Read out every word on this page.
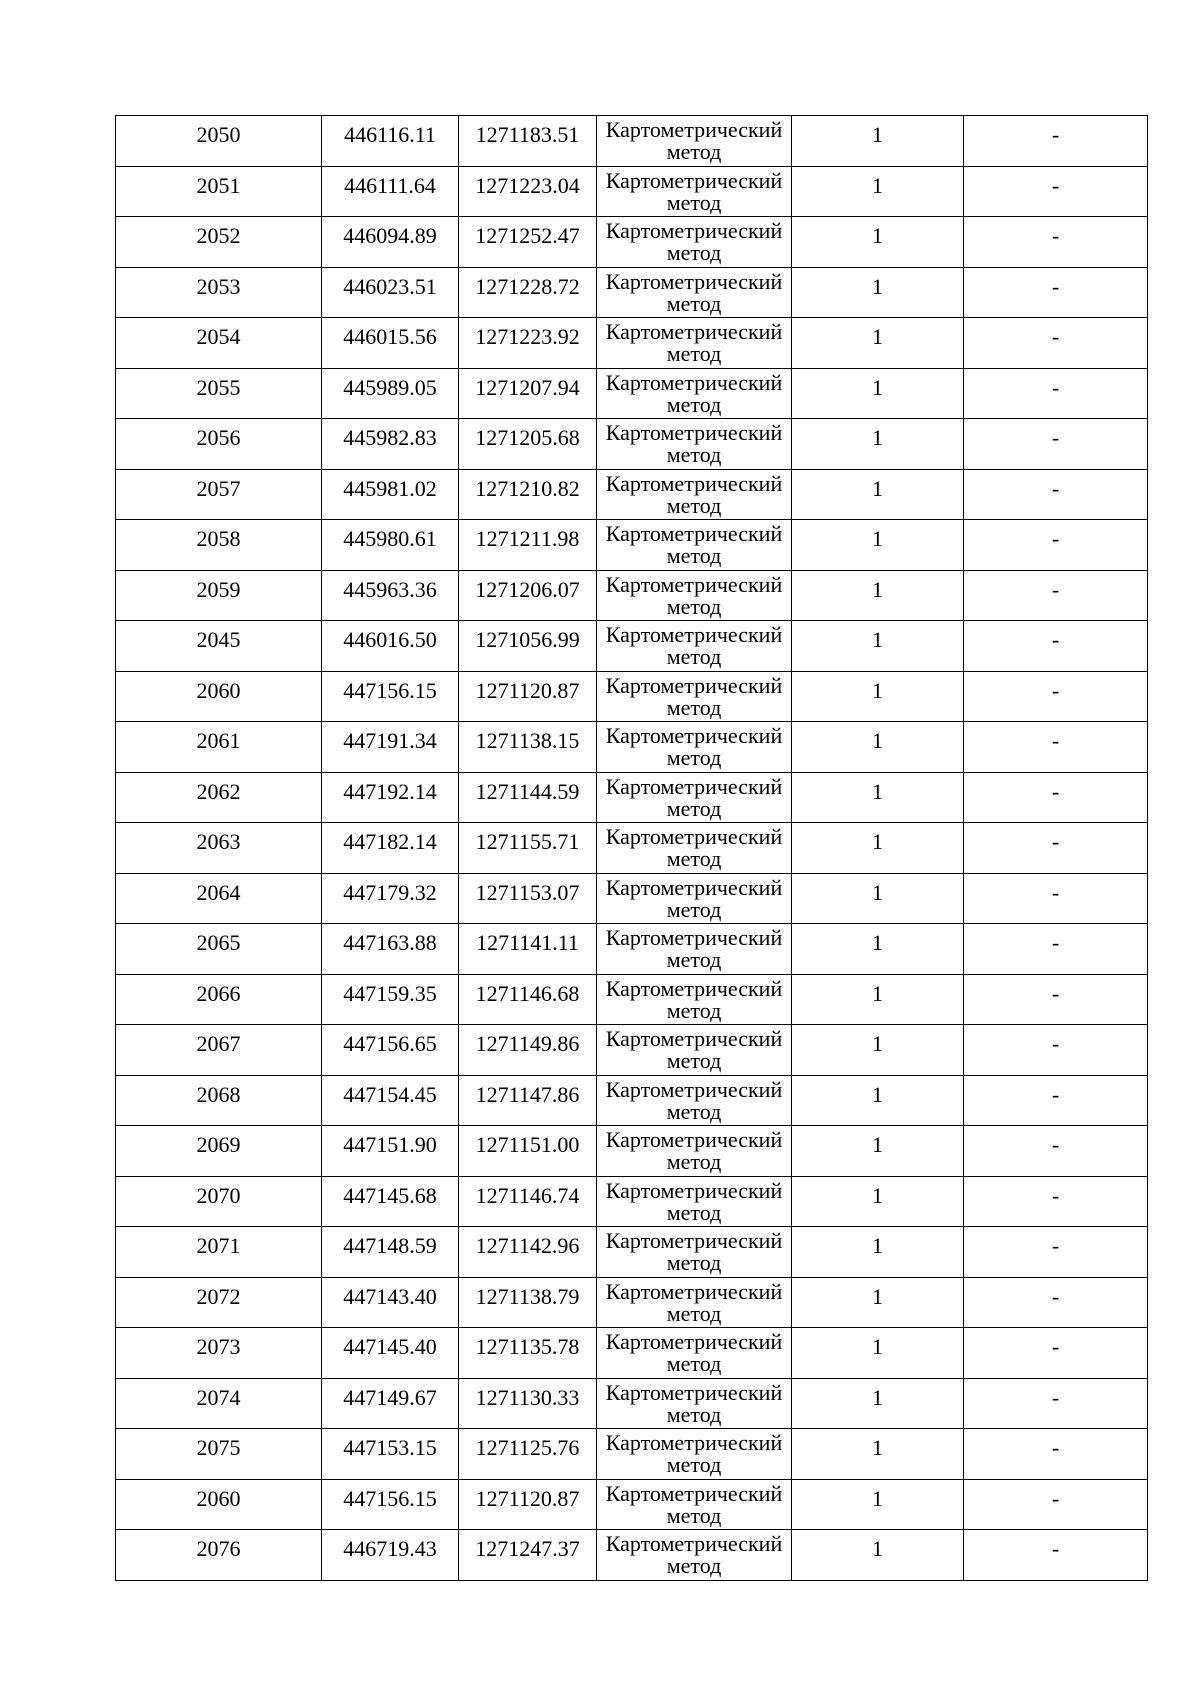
2050	446116.11	1271183.51	Картометрический
метод	1	-

2051	446111.64	1271223.04	Картометрический
метод	1	-

2052	446094.89	1271252.47	Картометрический
метод	1	-

2053	446023.51	1271228.72	Картометрический
метод	1	-

2054	446015.56	1271223.92	Картометрический
метод	1	-

2055	445989.05	1271207.94	Картометрический
метод	1	-

2056	445982.83	1271205.68	Картометрический
метод	1	-

2057	445981.02	1271210.82	Картометрический
метод	1	-

2058	445980.61	1271211.98	Картометрический
метод	1	-

2059	445963.36	1271206.07	Картометрический
метод	1	-

2045	446016.50	1271056.99	Картометрический
метод	1	-

2060	447156.15	1271120.87	Картометрический
метод	1	-

2061	447191.34	1271138.15	Картометрический
метод	1	-

2062	447192.14	1271144.59	Картометрический
метод	1	-

2063	447182.14	1271155.71	Картометрический
метод	1	-

2064	447179.32	1271153.07	Картометрический
метод	1	-

2065	447163.88	1271141.11	Картометрический
метод	1	-

2066	447159.35	1271146.68	Картометрический
метод	1	-

2067	447156.65	1271149.86	Картометрический
метод	1	-

2068	447154.45	1271147.86	Картометрический
метод	1	-

2069	447151.90	1271151.00	Картометрический
метод	1	-

2070	447145.68	1271146.74	Картометрический
метод	1	-

2071	447148.59	1271142.96	Картометрический
метод	1	-

2072	447143.40	1271138.79	Картометрический
метод	1	-

2073	447145.40	1271135.78	Картометрический
метод	1	-

2074	447149.67	1271130.33	Картометрический
метод	1	-

2075	447153.15	1271125.76	Картометрический
метод	1	-

2060	447156.15	1271120.87	Картометрический
метод	1	-

2076	446719.43	1271247.37	Картометрический
метод	1	-
